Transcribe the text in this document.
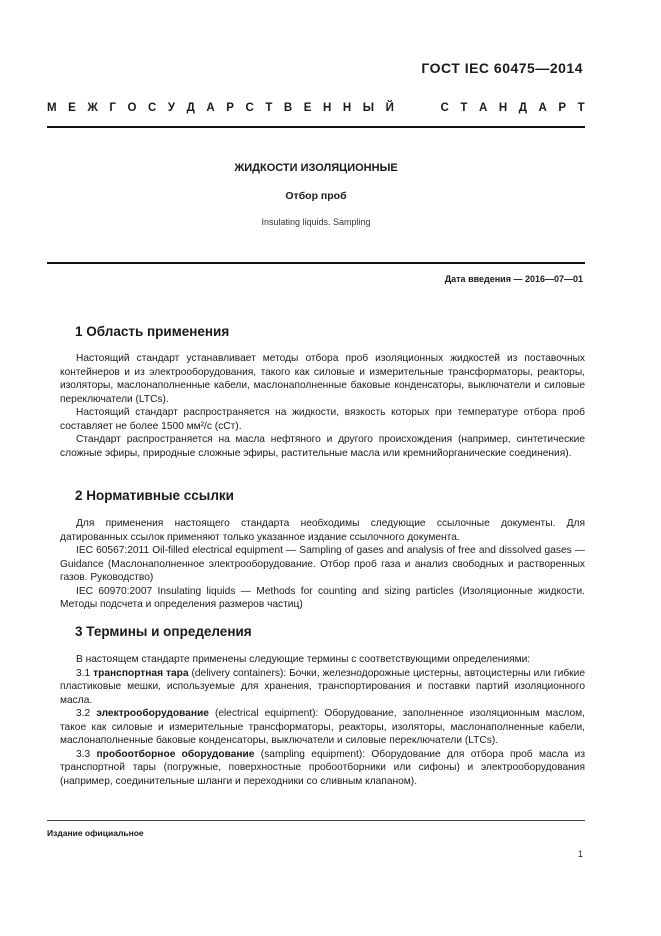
ГОСТ IEC 60475—2014
М Е Ж Г О С У Д А Р С Т В Е Н Н Ы Й	С Т А Н Д А Р Т
ЖИДКОСТИ ИЗОЛЯЦИОННЫЕ
Отбор проб
Insulating liquids. Sampling
Дата введения — 2016—07—01
1 Область применения

Настоящий стандарт устанавливает методы отбора проб изоляционных жидкостей из поставочных контейнеров и из электрооборудования, такого как силовые и измерительные трансформаторы, реакторы, изоляторы, маслонаполненные кабели, маслонаполненные баковые конденсаторы, выключатели и силовые переключатели (LTCs).

Настоящий стандарт распространяется на жидкости, вязкость которых при температуре отбора проб составляет не более 1500 мм²/с (сСт).

Стандарт распространяется на масла нефтяного и другого происхождения (например, синтетические сложные эфиры, природные сложные эфиры, растительные масла или кремнийорганические соединения).

2 Нормативные ссылки

Для применения настоящего стандарта необходимы следующие ссылочные документы. Для датированных ссылок применяют только указанное издание ссылочного документа.

IEC 60567:2011 Oil-filled electrical equipment — Sampling of gases and analysis of free and dissolved gases — Guidance (Маслонаполненное электрооборудование. Отбор проб газа и анализ свободных и растворенных газов. Руководство)

IEC 60970:2007 Insulating liquids — Methods for counting and sizing particles (Изоляционные жидкости. Методы подсчета и определения размеров частиц)

3 Термины и определения

В настоящем стандарте применены следующие термины с соответствующими определениями:

3.1 транспортная тара (delivery containers): Бочки, железнодорожные цистерны, автоцистерны или гибкие пластиковые мешки, используемые для хранения, транспортирования и поставки партий изоляционного масла.

3.2 электрооборудование (electrical equipment): Оборудование, заполненное изоляционным маслом, такое как силовые и измерительные трансформаторы, реакторы, изоляторы, маслонаполненные кабели, маслонаполненные баковые конденсаторы, выключатели и силовые переключатели (LTCs).

3.3 пробоотборное оборудование (sampling equipment): Оборудование для отбора проб масла из транспортной тары (погружные, поверхностные пробоотборники или сифоны) и электрооборудования (например, соединительные шланги и переходники со сливным клапаном).

Издание официальное
1
